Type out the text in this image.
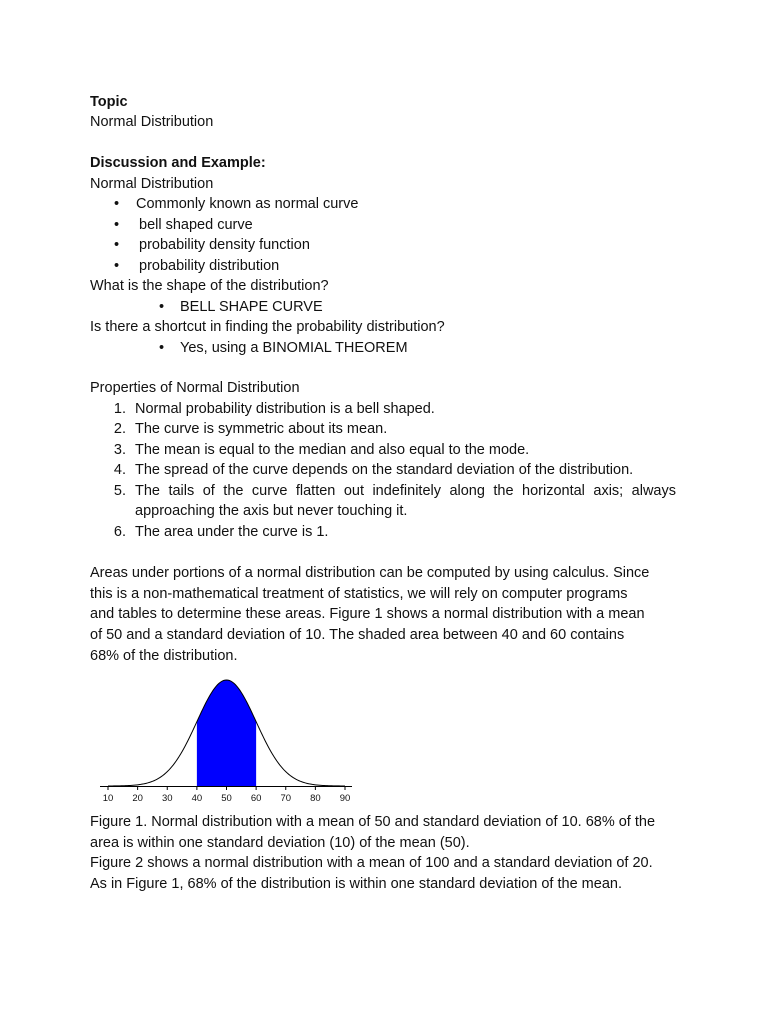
Topic
Normal Distribution
Discussion and Example:
Normal Distribution
• Commonly known as normal curve
• bell shaped curve
• probability density function
• probability distribution
What is the shape of the distribution?
• BELL SHAPE CURVE
Is there a shortcut in finding the probability distribution?
• Yes, using a BINOMIAL THEOREM
Properties of Normal Distribution
1. Normal probability distribution is a bell shaped.
2. The curve is symmetric about its mean.
3. The mean is equal to the median and also equal to the mode.
4. The spread of the curve depends on the standard deviation of the distribution.
5. The tails of the curve flatten out indefinitely along the horizontal axis; always
approaching the axis but never touching it.
6. The area under the curve is 1.
Areas under portions of a normal distribution can be computed by using calculus. Since
this is a non-mathematical treatment of statistics, we will rely on computer programs
and tables to determine these areas. Figure 1 shows a normal distribution with a mean
of 50 and a standard deviation of 10. The shaded area between 40 and 60 contains
68% of the distribution.
10 20 30 40 50 60 70 80 90
Figure 1. Normal distribution with a mean of 50 and standard deviation of 10. 68% of the
area is within one standard deviation (10) of the mean (50).
Figure 2 shows a normal distribution with a mean of 100 and a standard deviation of 20.
As in Figure 1, 68% of the distribution is within one standard deviation of the mean.
